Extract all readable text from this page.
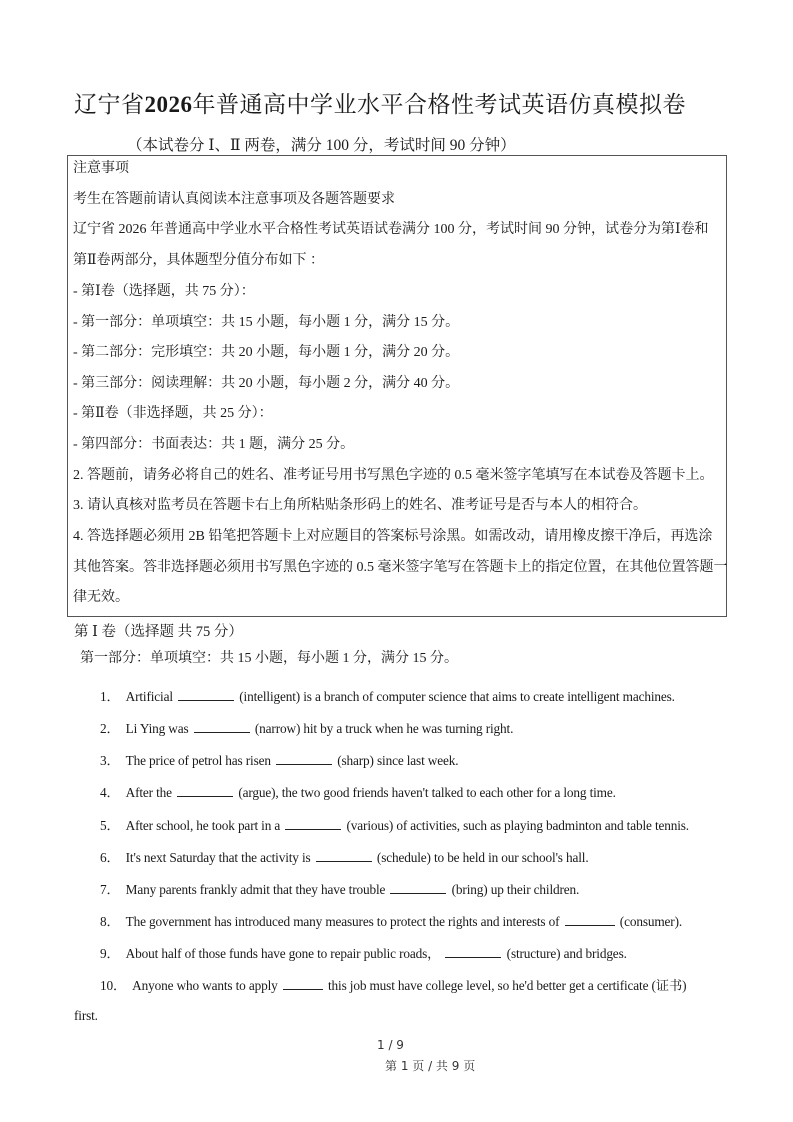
辽宁省2026年普通高中学业水平合格性考试英语仿真模拟卷
（本试卷分 Ⅰ、Ⅱ 两卷，满分 100 分，考试时间 90 分钟）
注意事项
考生在答题前请认真阅读本注意事项及各题答题要求
辽宁省 2026 年普通高中学业水平合格性考试英语试卷满分 100 分，考试时间 90 分钟，试卷分为第Ⅰ卷和
第Ⅱ卷两部分，具体题型分值分布如下 ：
- 第Ⅰ卷（选择题，共 75 分）：
- 第一部分：单项填空：共 15 小题，每小题 1 分，满分 15 分。
- 第二部分：完形填空：共 20 小题，每小题 1 分，满分 20 分。
- 第三部分：阅读理解：共 20 小题，每小题 2 分，满分 40 分。
- 第Ⅱ卷（非选择题，共 25 分）：
- 第四部分：书面表达：共 1 题，满分 25 分。
2. 答题前，请务必将自己的姓名、准考证号用书写黑色字迹的 0.5 毫米签字笔填写在本试卷及答题卡上。
3. 请认真核对监考员在答题卡右上角所粘贴条形码上的姓名、准考证号是否与本人的相符合。
4. 答选择题必须用 2B 铅笔把答题卡上对应题目的答案标号涂黑。如需改动，请用橡皮擦干净后，再选涂
其他答案。答非选择题必须用书写黑色字迹的 0.5 毫米签字笔写在答题卡上的指定位置，在其他位置答题一
律无效。
第 Ⅰ 卷（选择题 共 75 分）
第一部分：单项填空：共 15 小题，每小题 1 分，满分 15 分。
1． Artificial	(intelligent) is a branch of computer science that aims to create intelligent machines.
2． Li Ying was	(narrow) hit by a truck when he was turning right.
3． The price of petrol has risen	(sharp) since last week.
4． After the	(argue), the two good friends haven't talked to each other for a long time.
5． After school, he took part in a	(various) of activities, such as playing badminton and table tennis.
6． It's next Saturday that the activity is	(schedule) to be held in our school's hall.
7． Many parents frankly admit that they have trouble	(bring) up their children.
8． The government has introduced many measures to protect the rights and interests of	(consumer).
9． About half of those funds have gone to repair public roads，	(structure) and bridges.
10． Anyone who wants to apply	this job must have college level, so he'd better get a certificate (证书)
first.
1 / 9
第 1 页 / 共 9 页
